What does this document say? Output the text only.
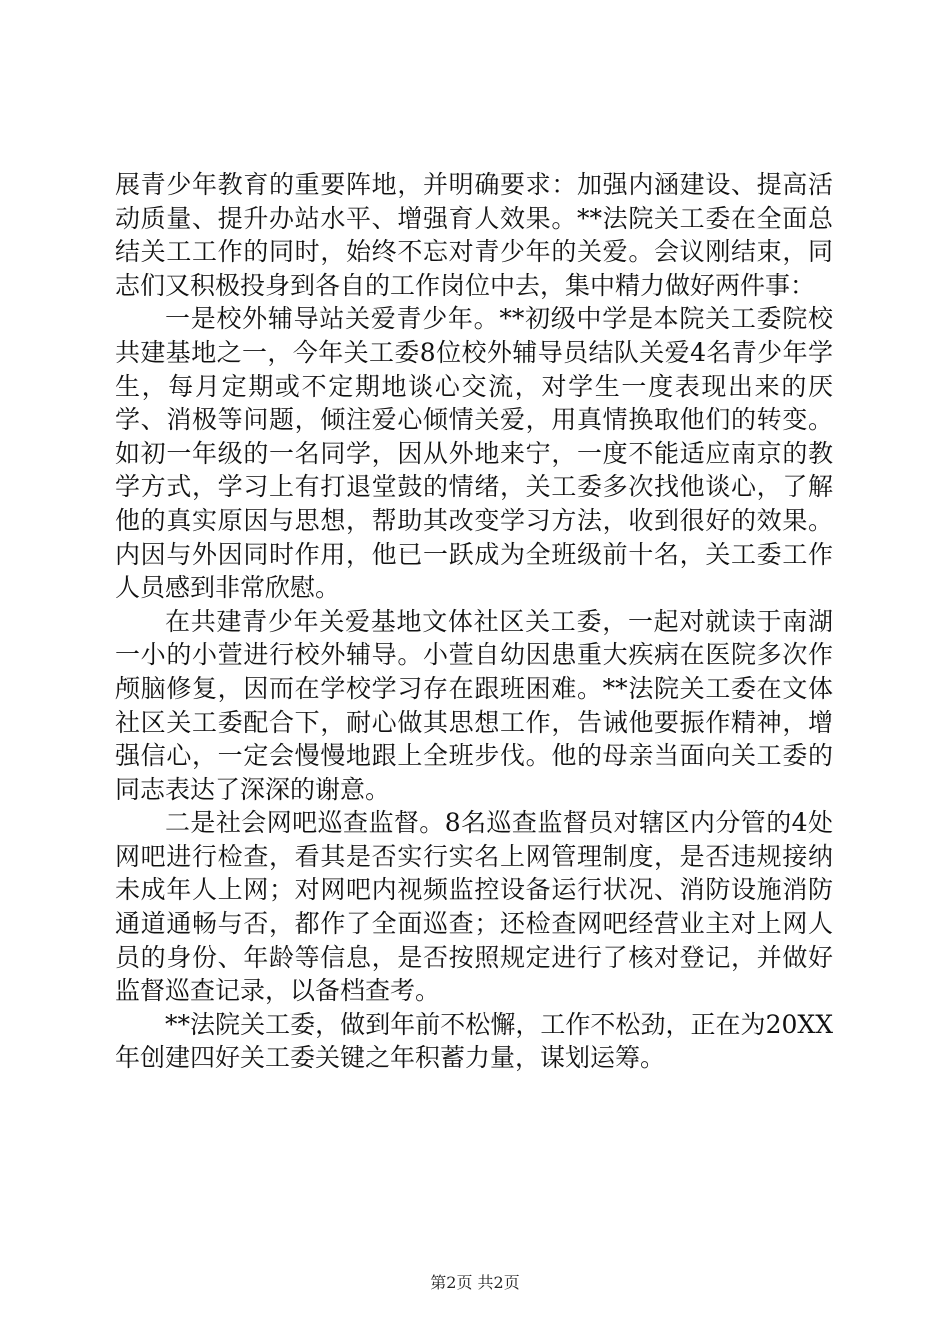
展青少年教育的重要阵地，并明确要求：加强内涵建设、提高活动质量、提升办站水平、增强育人效果。**法院关工委在全面总结关工工作的同时，始终不忘对青少年的关爱。会议刚结束，同志们又积极投身到各自的工作岗位中去，集中精力做好两件事：

一是校外辅导站关爱青少年。**初级中学是本院关工委院校共建基地之一，今年关工委8位校外辅导员结队关爱4名青少年学生，每月定期或不定期地谈心交流，对学生一度表现出来的厌学、消极等问题，倾注爱心倾情关爱，用真情换取他们的转变。如初一年级的一名同学，因从外地来宁，一度不能适应南京的教学方式，学习上有打退堂鼓的情绪，关工委多次找他谈心，了解他的真实原因与思想，帮助其改变学习方法，收到很好的效果。内因与外因同时作用，他已一跃成为全班级前十名，关工委工作人员感到非常欣慰。

在共建青少年关爱基地文体社区关工委，一起对就读于南湖一小的小萱进行校外辅导。小萱自幼因患重大疾病在医院多次作颅脑修复，因而在学校学习存在跟班困难。**法院关工委在文体社区关工委配合下，耐心做其思想工作，告诫他要振作精神，增强信心，一定会慢慢地跟上全班步伐。他的母亲当面向关工委的同志表达了深深的谢意。

二是社会网吧巡查监督。8名巡查监督员对辖区内分管的4处网吧进行检查，看其是否实行实名上网管理制度，是否违规接纳未成年人上网；对网吧内视频监控设备运行状况、消防设施消防通道通畅与否，都作了全面巡查；还检查网吧经营业主对上网人员的身份、年龄等信息，是否按照规定进行了核对登记，并做好监督巡查记录，以备档查考。

**法院关工委，做到年前不松懈，工作不松劲，正在为20XX年创建四好关工委关键之年积蓄力量，谋划运筹。

第2页 共2页
